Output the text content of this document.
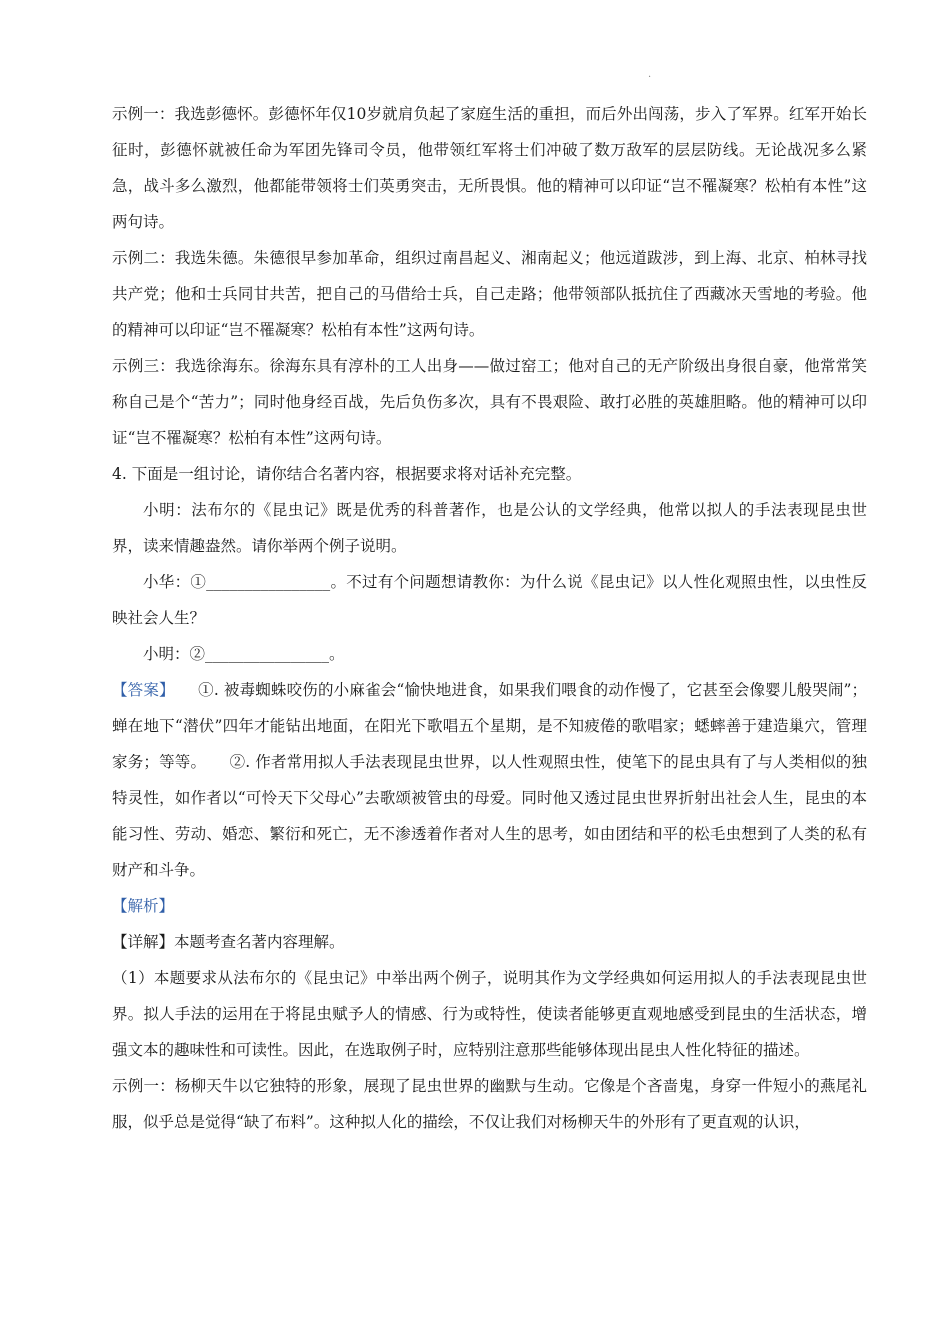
·

示例一：我选彭德怀。彭德怀年仅10岁就肩负起了家庭生活的重担，而后外出闯荡，步入了军界。红军开始长征时，彭德怀就被任命为军团先锋司令员，他带领红军将士们冲破了数万敌军的层层防线。无论战况多么紧急，战斗多么激烈，他都能带领将士们英勇突击，无所畏惧。他的精神可以印证“岂不罹凝寒？松柏有本性”这两句诗。

示例二：我选朱德。朱德很早参加革命，组织过南昌起义、湘南起义；他远道跋涉，到上海、北京、柏林寻找共产党；他和士兵同甘共苦，把自己的马借给士兵，自己走路；他带领部队抵抗住了西藏冰天雪地的考验。他的精神可以印证“岂不罹凝寒？松柏有本性”这两句诗。

示例三：我选徐海东。徐海东具有淳朴的工人出身——做过窑工；他对自己的无产阶级出身很自豪，他常常笑称自己是个“苦力”；同时他身经百战，先后负伤多次，具有不畏艰险、敢打必胜的英雄胆略。他的精神可以印证“岂不罹凝寒？松柏有本性”这两句诗。

4. 下面是一组讨论，请你结合名著内容，根据要求将对话补充完整。

小明：法布尔的《昆虫记》既是优秀的科普著作，也是公认的文学经典，他常以拟人的手法表现昆虫世界，读来情趣盎然。请你举两个例子说明。

小华：①________________。不过有个问题想请教你：为什么说《昆虫记》以人性化观照虫性，以虫性反映社会人生？

小明：②________________。

【答案】 ①. 被毒蜘蛛咬伤的小麻雀会“愉快地进食，如果我们喂食的动作慢了，它甚至会像婴儿般哭闹”；蝉在地下“潜伏”四年才能钻出地面，在阳光下歌唱五个星期，是不知疲倦的歌唱家；蟋蟀善于建造巢穴，管理家务；等等。 ②. 作者常用拟人手法表现昆虫世界，以人性观照虫性，使笔下的昆虫具有了与人类相似的独特灵性，如作者以“可怜天下父母心”去歌颂被管虫的母爱。同时他又透过昆虫世界折射出社会人生，昆虫的本能习性、劳动、婚恋、繁衍和死亡，无不渗透着作者对人生的思考，如由团结和平的松毛虫想到了人类的私有财产和斗争。

【解析】

【详解】本题考查名著内容理解。

（1）本题要求从法布尔的《昆虫记》中举出两个例子，说明其作为文学经典如何运用拟人的手法表现昆虫世界。拟人手法的运用在于将昆虫赋予人的情感、行为或特性，使读者能够更直观地感受到昆虫的生活状态，增强文本的趣味性和可读性。因此，在选取例子时，应特别注意那些能够体现出昆虫人性化特征的描述。

示例一：杨柳天牛以它独特的形象，展现了昆虫世界的幽默与生动。它像是个吝啬鬼，身穿一件短小的燕尾礼服，似乎总是觉得“缺了布料”。这种拟人化的描绘，不仅让我们对杨柳天牛的外形有了更直观的认识，
